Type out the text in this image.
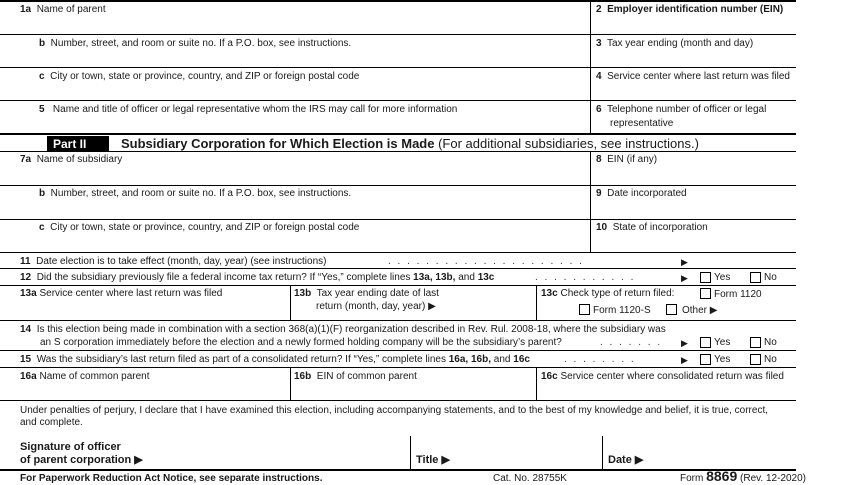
1a Name of parent	2 Employer identification number (EIN)
b Number, street, and room or suite no. If a P.O. box, see instructions.	3 Tax year ending (month and day)
c City or town, state or province, country, and ZIP or foreign postal code	4 Service center where last return was filed
5 Name and title of officer or legal representative whom the IRS may call for more information	6 Telephone number of officer or legal
representative
Part II	Subsidiary Corporation for Which Election is Made (For additional subsidiaries, see instructions.)
7a Name of subsidiary	8 EIN (if any)
b Number, street, and room or suite no. If a P.O. box, see instructions.	9 Date incorporated
c City or town, state or province, country, and ZIP or foreign postal code	10 State of incorporation
11 Date election is to take effect (month, day, year) (see instructions)	. . . . . . . . . . . . . . . . . . . . .	▶
12 Did the subsidiary previously file a federal income tax return? If “Yes,” complete lines 13a, 13b, and 13c	. . . . . . . . . . .	▶	Yes	No
13a Service center where last return was filed	13b Tax year ending date of last
return (month, day, year) ▶
13c Check type of return filed:	Form 1120
Form 1120-S	Other ▶
14 Is this election being made in combination with a section 368(a)(1)(F) reorganization described in Rev. Rul. 2008-18, where the subsidiary was
an S corporation immediately before the election and a newly formed holding company will be the subsidiary’s parent?	. . . . . . . ▶	Yes	No
15 Was the subsidiary’s last return filed as part of a consolidated return? If “Yes,” complete lines 16a, 16b, and 16c	. . . . . . . .	▶	Yes	No
16a Name of common parent	16b EIN of common parent	16c Service center where consolidated return was filed
Under penalties of perjury, I declare that I have examined this election, including accompanying statements, and to the best of my knowledge and belief, it is true, correct,
and complete.
Signature of officer
of parent corporation ▶	Title ▶	Date ▶
For Paperwork Reduction Act Notice, see separate instructions.	Cat. No. 28755K	Form 8869 (Rev. 12-2020)
